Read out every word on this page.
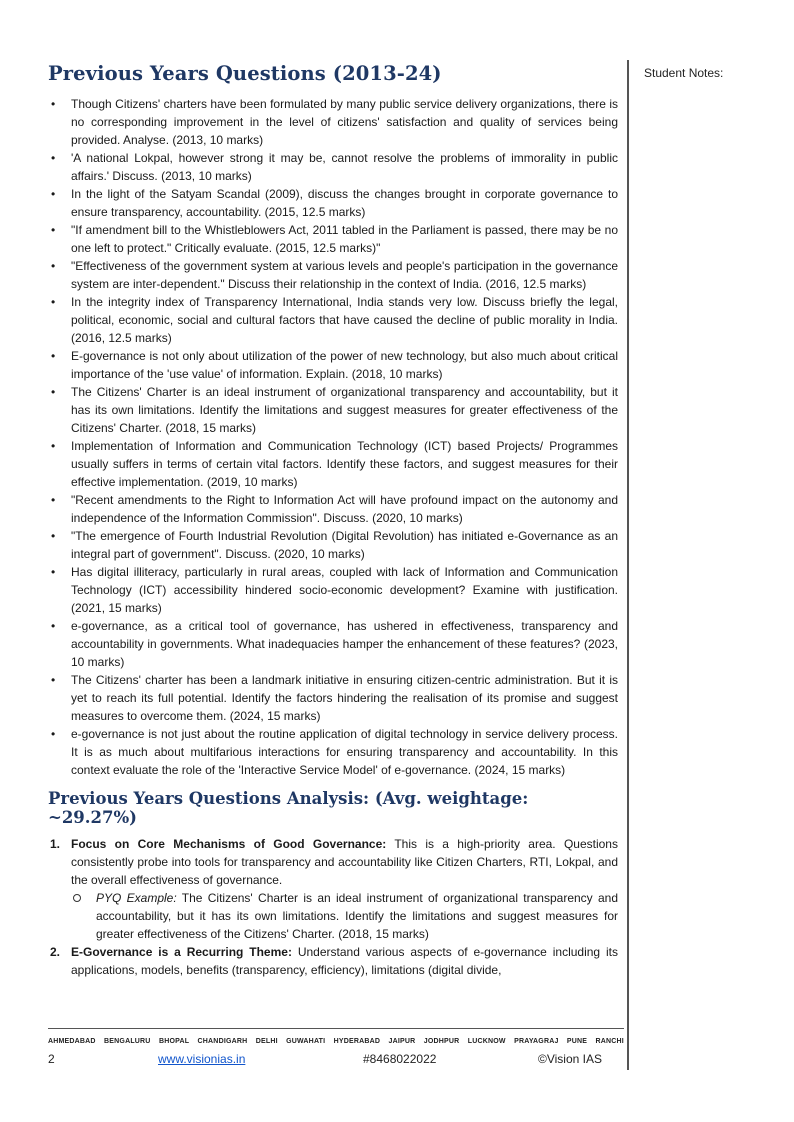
Student Notes:
Previous Years Questions (2013-24)
• Though Citizens' charters have been formulated by many public service delivery organizations, there is no corresponding improvement in the level of citizens' satisfaction and quality of services being provided. Analyse. (2013, 10 marks)
• 'A national Lokpal, however strong it may be, cannot resolve the problems of immorality in public affairs.' Discuss. (2013, 10 marks)
• In the light of the Satyam Scandal (2009), discuss the changes brought in corporate governance to ensure transparency, accountability. (2015, 12.5 marks)
• "If amendment bill to the Whistleblowers Act, 2011 tabled in the Parliament is passed, there may be no one left to protect." Critically evaluate. (2015, 12.5 marks)"
• "Effectiveness of the government system at various levels and people's participation in the governance system are inter-dependent." Discuss their relationship in the context of India. (2016, 12.5 marks)
• In the integrity index of Transparency International, India stands very low. Discuss briefly the legal, political, economic, social and cultural factors that have caused the decline of public morality in India. (2016, 12.5 marks)
• E-governance is not only about utilization of the power of new technology, but also much about critical importance of the 'use value' of information. Explain. (2018, 10 marks)
• The Citizens' Charter is an ideal instrument of organizational transparency and accountability, but it has its own limitations. Identify the limitations and suggest measures for greater effectiveness of the Citizens' Charter. (2018, 15 marks)
• Implementation of Information and Communication Technology (ICT) based Projects/ Programmes usually suffers in terms of certain vital factors. Identify these factors, and suggest measures for their effective implementation. (2019, 10 marks)
• "Recent amendments to the Right to Information Act will have profound impact on the autonomy and independence of the Information Commission". Discuss. (2020, 10 marks)
• "The emergence of Fourth Industrial Revolution (Digital Revolution) has initiated e-Governance as an integral part of government". Discuss. (2020, 10 marks)
• Has digital illiteracy, particularly in rural areas, coupled with lack of Information and Communication Technology (ICT) accessibility hindered socio-economic development? Examine with justification. (2021, 15 marks)
• e-governance, as a critical tool of governance, has ushered in effectiveness, transparency and accountability in governments. What inadequacies hamper the enhancement of these features? (2023, 10 marks)
• The Citizens' charter has been a landmark initiative in ensuring citizen-centric administration. But it is yet to reach its full potential. Identify the factors hindering the realisation of its promise and suggest measures to overcome them. (2024, 15 marks)
• e-governance is not just about the routine application of digital technology in service delivery process. It is as much about multifarious interactions for ensuring transparency and accountability. In this context evaluate the role of the 'Interactive Service Model' of e-governance. (2024, 15 marks)
Previous Years Questions Analysis: (Avg. weightage: ~29.27%)
1. Focus on Core Mechanisms of Good Governance: This is a high-priority area. Questions consistently probe into tools for transparency and accountability like Citizen Charters, RTI, Lokpal, and the overall effectiveness of governance.
PYQ Example: The Citizens' Charter is an ideal instrument of organizational transparency and accountability, but it has its own limitations. Identify the limitations and suggest measures for greater effectiveness of the Citizens' Charter. (2018, 15 marks)
2. E-Governance is a Recurring Theme: Understand various aspects of e-governance including its applications, models, benefits (transparency, efficiency), limitations (digital divide,
AHMEDABAD BENGALURU BHOPAL CHANDIGARH DELHI GUWAHATI HYDERABAD JAIPUR JODHPUR LUCKNOW PRAYAGRAJ PUNE RANCHI
2	www.visionias.in	#8468022022	©Vision IAS
